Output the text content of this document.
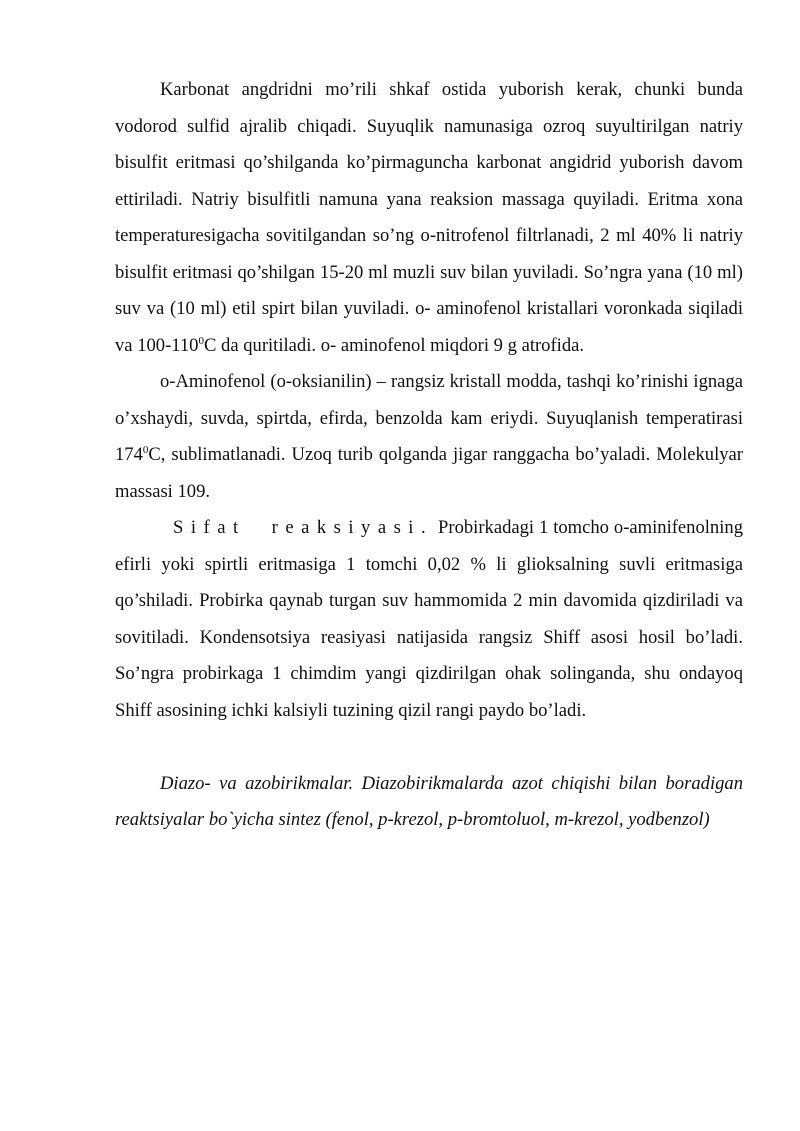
Karbonat angdridni mo’rili shkaf ostida yuborish kerak, chunki bunda vodorod sulfid ajralib chiqadi. Suyuqlik namunasiga ozroq suyultirilgan natriy bisulfit eritmasi qo’shilganda ko’pirmaguncha karbonat angidrid yuborish davom ettiriladi. Natriy bisulfitli namuna yana reaksion massaga quyiladi. Eritma xona temperaturesigacha sovitilgandan so’ng o-nitrofenol filtrlanadi, 2 ml 40% li natriy bisulfit eritmasi qo’shilgan 15-20 ml muzli suv bilan yuviladi. So’ngra yana (10 ml) suv va (10 ml) etil spirt bilan yuviladi. o- aminofenol kristallari voronkada siqiladi va $100-110^0C$ da quritiladi. o- aminofenol miqdori 9 g atrofida.

o-Aminofenol (o-oksianilin) – rangsiz kristall modda, tashqi ko’rinishi ignaga o’xshaydi, suvda, spirtda, efirda, benzolda kam eriydi. Suyuqlanish temperatirasi $174^0C$, sublimatlanadi. Uzoq turib qolganda jigar ranggacha bo’yaladi. Molekulyar massasi 109.

Sifat reaksiyasi. Probirkadagi 1 tomcho o-aminifenolning efirli yoki spirtli eritmasiga 1 tomchi 0,02 % li glioksalning suvli eritmasiga qo’shiladi. Probirka qaynab turgan suv hammomida 2 min davomida qizdiriladi va sovitiladi. Kondensotsiya reasiyasi natijasida rangsiz Shiff asosi hosil bo’ladi. So’ngra probirkaga 1 chimdim yangi qizdirilgan ohak solinganda, shu ondayoq Shiff asosining ichki kalsiyli tuzining qizil rangi paydo bo’ladi.

Diazo- va azobirikmalar. Diazobirikmalarda azot chiqishi bilan boradigan reaktsiyalar bo`yicha sintez (fenol, p-krezol, p-bromtoluol, m-krezol, yodbenzol)
